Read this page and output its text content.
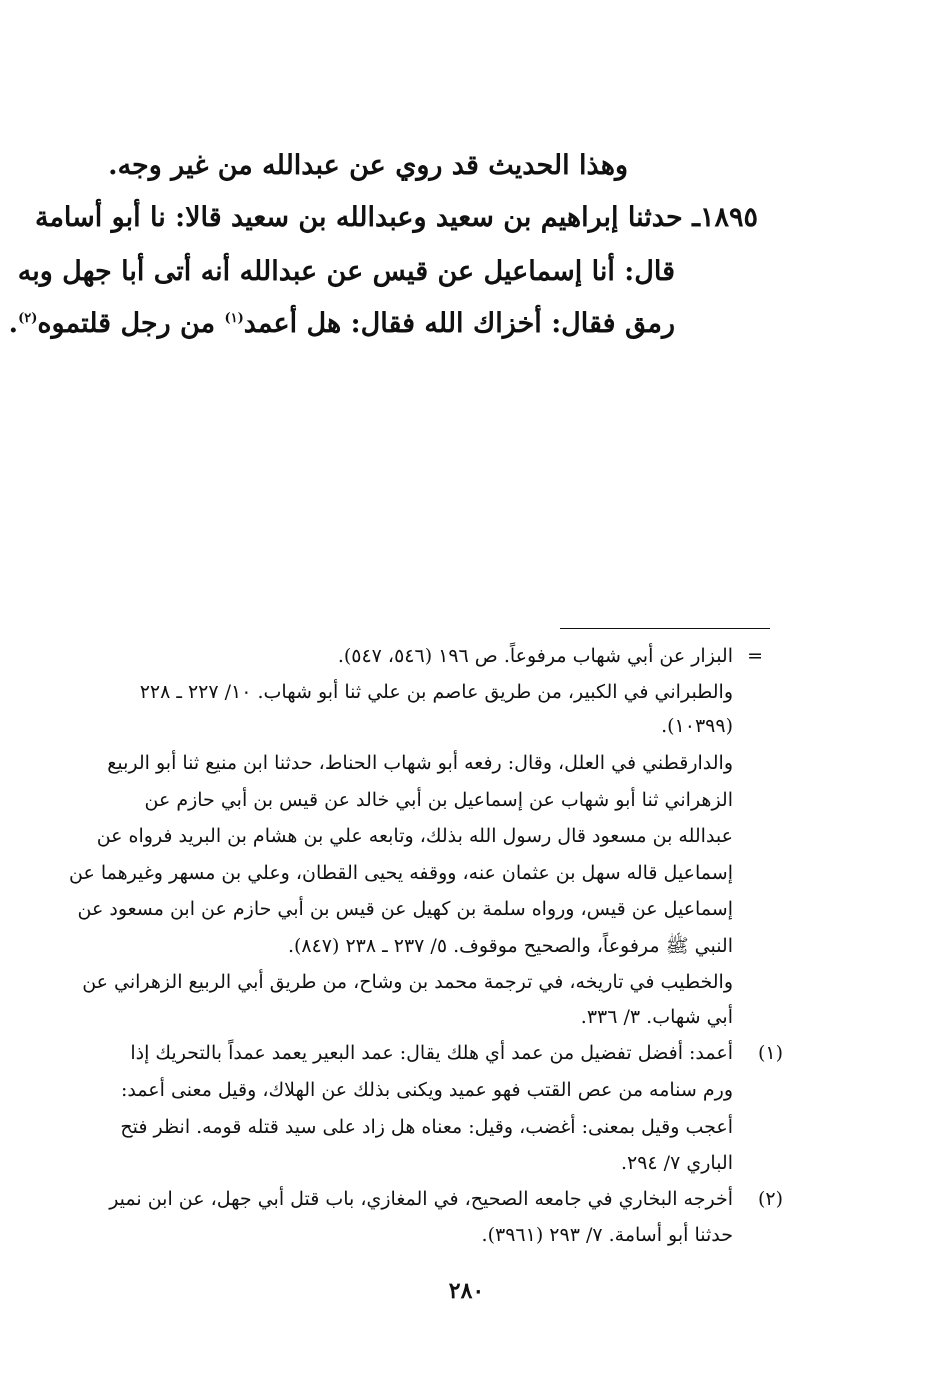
وهذا الحديث قد روي عن عبدالله من غير وجه.
١٨٩٥ـ حدثنا إبراهيم بن سعيد وعبدالله بن سعيد قالا: نا أبو أسامة
قال: أنا إسماعيل عن قيس عن عبدالله أنه أتى أبا جهل وبه
رمق فقال: أخزاك الله فقال: هل أعمد$^{(١)}$ من رجل قلتموه$^{(٢)}$.
=
البزار عن أبي شهاب مرفوعاً. ص ١٩٦ (٥٤٦، ٥٤٧).
والطبراني في الكبير، من طريق عاصم بن علي ثنا أبو شهاب. ١٠/ ٢٢٧ ـ ٢٢٨
(١٠٣٩٩).
والدارقطني في العلل، وقال: رفعه أبو شهاب الحناط، حدثنا ابن منيع ثنا أبو الربيع
الزهراني ثنا أبو شهاب عن إسماعيل بن أبي خالد عن قيس بن أبي حازم عن
عبدالله بن مسعود قال رسول الله بذلك، وتابعه علي بن هشام بن البريد فرواه عن
إسماعيل قاله سهل بن عثمان عنه، ووقفه يحيى القطان، وعلي بن مسهر وغيرهما عن
إسماعيل عن قيس، ورواه سلمة بن كهيل عن قيس بن أبي حازم عن ابن مسعود عن
النبي ﷺ مرفوعاً، والصحيح موقوف. ٥/ ٢٣٧ ـ ٢٣٨ (٨٤٧).
والخطيب في تاريخه، في ترجمة محمد بن وشاح، من طريق أبي الربيع الزهراني عن
أبي شهاب. ٣/ ٣٣٦.
(١)
أعمد: أفضل تفضيل من عمد أي هلك يقال: عمد البعير يعمد عمداً بالتحريك إذا
ورم سنامه من عص القتب فهو عميد ويكنى بذلك عن الهلاك، وقيل معنى أعمد:
أعجب وقيل بمعنى: أغضب، وقيل: معناه هل زاد على سيد قتله قومه. انظر فتح
الباري ٧/ ٢٩٤.
(٢)
أخرجه البخاري في جامعه الصحيح، في المغازي، باب قتل أبي جهل، عن ابن نمير
حدثنا أبو أسامة. ٧/ ٢٩٣ (٣٩٦١).
٢٨٠
